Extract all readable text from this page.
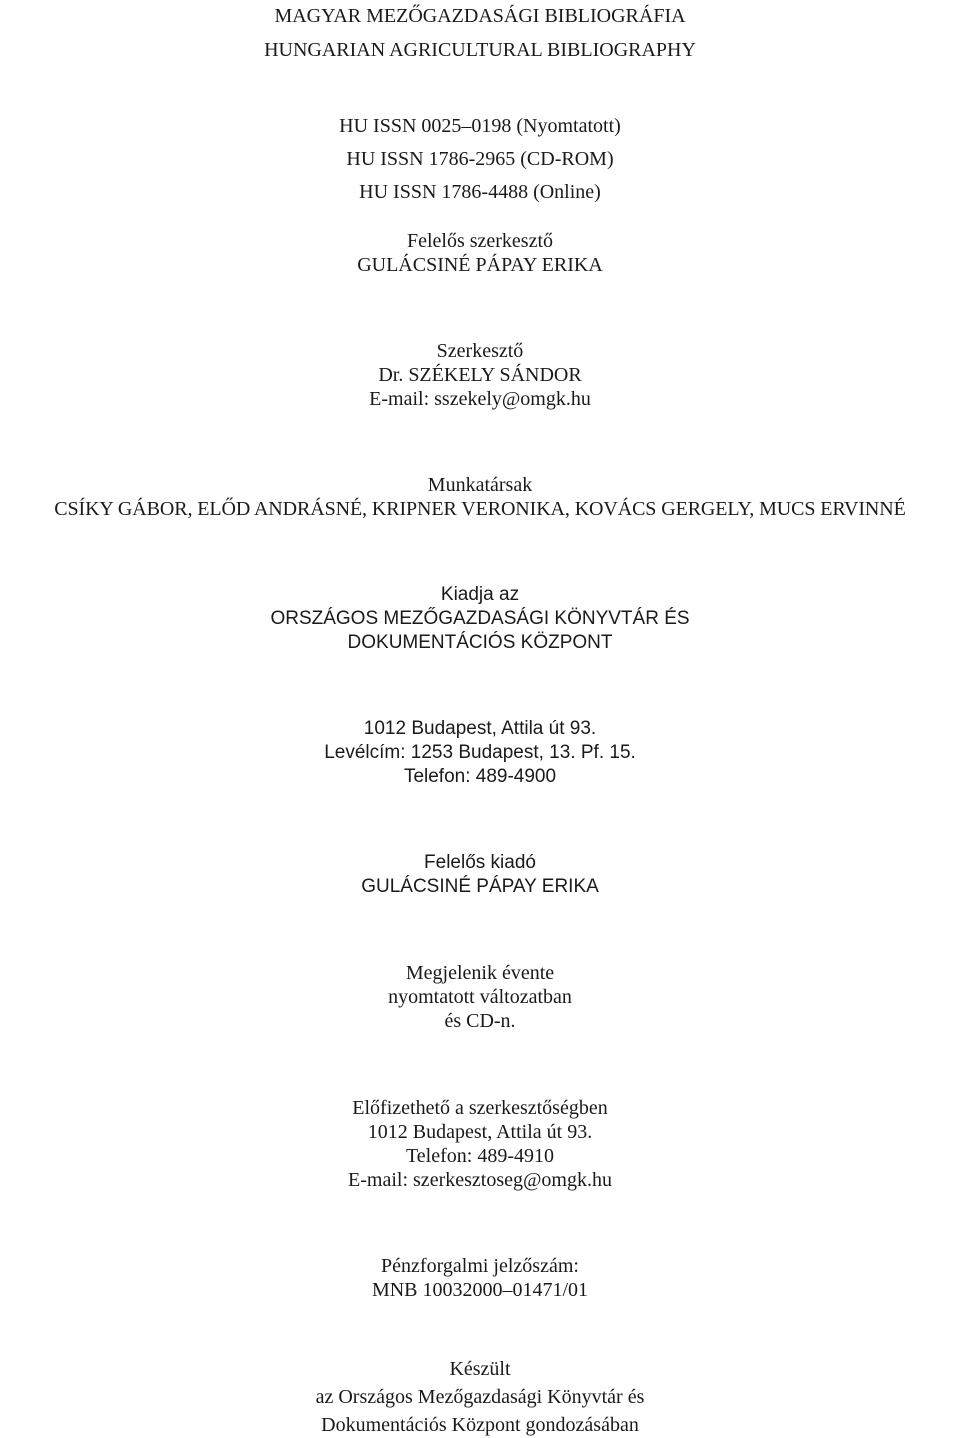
MAGYAR MEZŐGAZDASÁGI BIBLIOGRÁFIA
HUNGARIAN AGRICULTURAL BIBLIOGRAPHY
HU ISSN 0025–0198 (Nyomtatott)
HU ISSN 1786-2965 (CD-ROM)
HU ISSN 1786-4488 (Online)
Felelős szerkesztő
GULÁCSINÉ PÁPAY ERIKA
Szerkesztő
Dr. SZÉKELY SÁNDOR
E-mail: sszekely@omgk.hu
Munkatársak
CSÍKY GÁBOR, ELŐD ANDRÁSNÉ, KRIPNER VERONIKA, KOVÁCS GERGELY, MUCS ERVINNÉ
Kiadja az
ORSZÁGOS MEZŐGAZDASÁGI KÖNYVTÁR ÉS
DOKUMENTÁCIÓS KÖZPONT
1012 Budapest, Attila út 93.
Levélcím: 1253 Budapest, 13. Pf. 15.
Telefon: 489-4900
Felelős kiadó
GULÁCSINÉ PÁPAY ERIKA
Megjelenik évente
nyomtatott változatban
és CD-n.
Előfizethető a szerkesztőségben
1012 Budapest, Attila út 93.
Telefon: 489-4910
E-mail: szerkesztoseg@omgk.hu
Pénzforgalmi jelzőszám:
MNB 10032000–01471/01
Készült
az Országos Mezőgazdasági Könyvtár és
Dokumentációs Központ gondozásában
